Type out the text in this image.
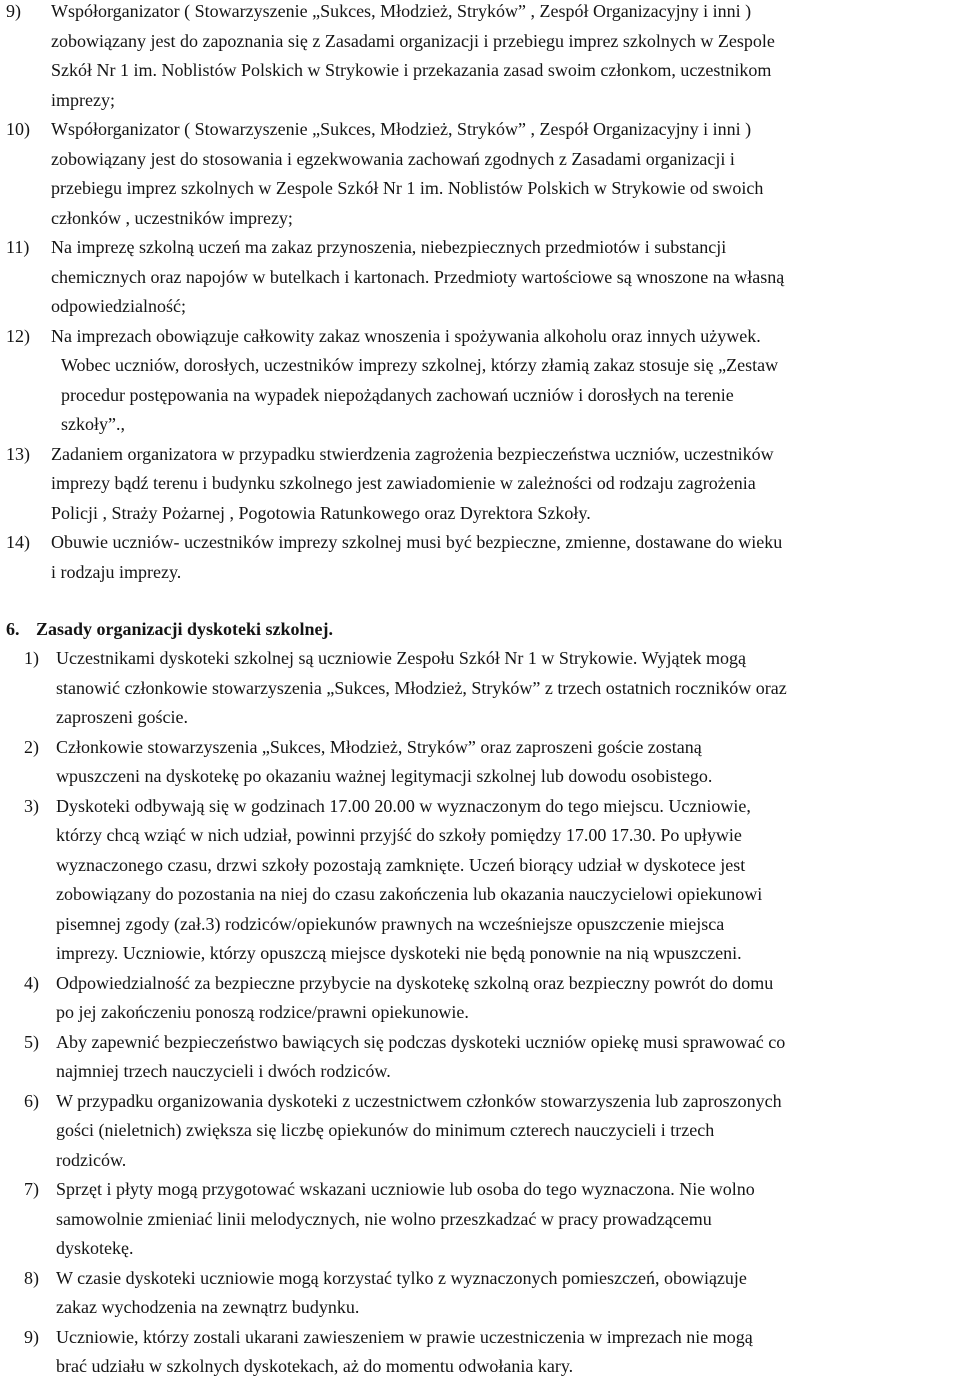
9) Współorganizator ( Stowarzyszenie „Sukces, Młodzież, Stryków” , Zespół Organizacyjny i inni )
zobowiązany jest do zapoznania się z Zasadami organizacji i przebiegu imprez szkolnych w Zespole
Szkół Nr 1 im. Noblistów Polskich w Strykowie i przekazania zasad swoim członkom, uczestnikom
imprezy;
10) Współorganizator ( Stowarzyszenie „Sukces, Młodzież, Stryków” , Zespół Organizacyjny i inni )
zobowiązany jest do stosowania i egzekwowania zachowań zgodnych z Zasadami organizacji i
przebiegu imprez szkolnych w Zespole Szkół Nr 1 im. Noblistów Polskich w Strykowie od swoich
członków , uczestników imprezy;
11) Na imprezę szkolną uczeń ma zakaz przynoszenia, niebezpiecznych przedmiotów i substancji
chemicznych oraz napojów w butelkach i kartonach. Przedmioty wartościowe są wnoszone na własną
odpowiedzialność;
12) Na imprezach obowiązuje całkowity zakaz wnoszenia i spożywania alkoholu oraz innych używek.
Wobec uczniów, dorosłych, uczestników imprezy szkolnej, którzy złamią zakaz stosuje się „Zestaw
procedur postępowania na wypadek niepożądanych zachowań uczniów i dorosłych na terenie
szkoły”.,
13) Zadaniem organizatora w przypadku stwierdzenia zagrożenia bezpieczeństwa uczniów, uczestników
imprezy bądź terenu i budynku szkolnego jest zawiadomienie w zależności od rodzaju zagrożenia
Policji , Straży Pożarnej , Pogotowia Ratunkowego oraz Dyrektora Szkoły.
14) Obuwie uczniów- uczestników imprezy szkolnej musi być bezpieczne, zmienne, dostawane do wieku
i rodzaju imprezy.
6. Zasady organizacji dyskoteki szkolnej.
1) Uczestnikami dyskoteki szkolnej są uczniowie Zespołu Szkół Nr 1 w Strykowie. Wyjątek mogą
stanowić członkowie stowarzyszenia „Sukces, Młodzież, Stryków” z trzech ostatnich roczników oraz
zaproszeni goście.
2) Członkowie stowarzyszenia „Sukces, Młodzież, Stryków” oraz zaproszeni goście zostaną
wpuszczeni na dyskotekę po okazaniu ważnej legitymacji szkolnej lub dowodu osobistego.
3) Dyskoteki odbywają się w godzinach 17.00 20.00 w wyznaczonym do tego miejscu. Uczniowie,
którzy chcą wziąć w nich udział, powinni przyjść do szkoły pomiędzy 17.00 17.30. Po upływie
wyznaczonego czasu, drzwi szkoły pozostają zamknięte. Uczeń biorący udział w dyskotece jest
zobowiązany do pozostania na niej do czasu zakończenia lub okazania nauczycielowi opiekunowi
pisemnej zgody (zał.3) rodziców/opiekunów prawnych na wcześniejsze opuszczenie miejsca
imprezy. Uczniowie, którzy opuszczą miejsce dyskoteki nie będą ponownie na nią wpuszczeni.
4) Odpowiedzialność za bezpieczne przybycie na dyskotekę szkolną oraz bezpieczny powrót do domu
po jej zakończeniu ponoszą rodzice/prawni opiekunowie.
5) Aby zapewnić bezpieczeństwo bawiących się podczas dyskoteki uczniów opiekę musi sprawować co
najmniej trzech nauczycieli i dwóch rodziców.
6) W przypadku organizowania dyskoteki z uczestnictwem członków stowarzyszenia lub zaproszonych
gości (nieletnich) zwiększa się liczbę opiekunów do minimum czterech nauczycieli i trzech
rodziców.
7) Sprzęt i płyty mogą przygotować wskazani uczniowie lub osoba do tego wyznaczona. Nie wolno
samowolnie zmieniać linii melodycznych, nie wolno przeszkadzać w pracy prowadzącemu
dyskotekę.
8) W czasie dyskoteki uczniowie mogą korzystać tylko z wyznaczonych pomieszczeń, obowiązuje
zakaz wychodzenia na zewnątrz budynku.
9) Uczniowie, którzy zostali ukarani zawieszeniem w prawie uczestniczenia w imprezach nie mogą
brać udziału w szkolnych dyskotekach, aż do momentu odwołania kary.
